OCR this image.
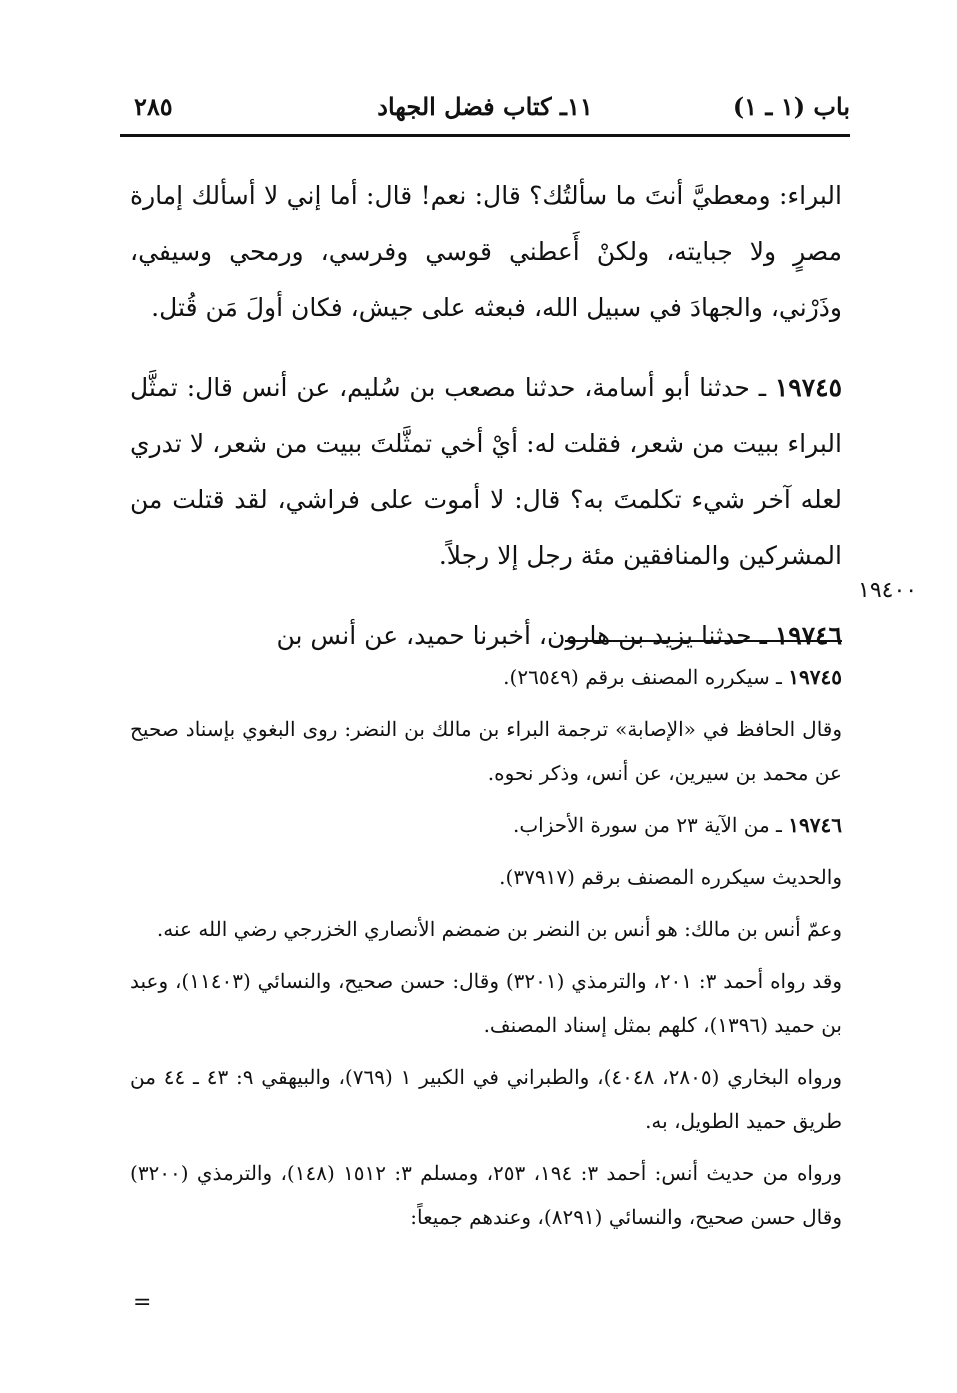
باب (١ ـ ١)
١١ـ كتاب فضل الجهاد
٢٨٥

البراء: ومعطيَّ أنتَ ما سألتُك؟ قال: نعم! قال: أما إني لا أسألك إمارة مصرٍ ولا جبايته، ولكنْ أَعطني قوسي وفرسي، ورمحي وسيفي، وذَرْني، والجهادَ في سبيل الله، فبعثه على جيش، فكان أولَ مَن قُتل.

١٩٧٤٥ ـ حدثنا أبو أسامة، حدثنا مصعب بن سُليم، عن أنس قال: تمثَّل البراء ببيت من شعر، فقلت له: أيْ أخي تمثَّلتَ ببيت من شعر، لا تدري لعله آخر شيء تكلمتَ به؟ قال: لا أموت على فراشي، لقد قتلت من المشركين والمنافقين مئة رجل إلا رجلاً.

١٩٧٤٦ ـ حدثنا يزيد بن هارون، أخبرنا حميد، عن أنس بن

١٩٤٠٠

١٩٧٤٥ ـ سيكرره المصنف برقم (٢٦٥٤٩).

وقال الحافظ في «الإصابة» ترجمة البراء بن مالك بن النضر: روى البغوي بإسناد صحيح عن محمد بن سيرين، عن أنس، وذكر نحوه.

١٩٧٤٦ ـ من الآية ٢٣ من سورة الأحزاب.

والحديث سيكرره المصنف برقم (٣٧٩١٧).

وعمّ أنس بن مالك: هو أنس بن النضر بن ضمضم الأنصاري الخزرجي رضي الله عنه.

وقد رواه أحمد ٣: ٢٠١، والترمذي (٣٢٠١) وقال: حسن صحيح، والنسائي (١١٤٠٣)، وعبد بن حميد (١٣٩٦)، كلهم بمثل إسناد المصنف.

ورواه البخاري (٢٨٠٥، ٤٠٤٨)، والطبراني في الكبير ١ (٧٦٩)، والبيهقي ٩: ٤٣ ـ ٤٤ من طريق حميد الطويل، به.

ورواه من حديث أنس: أحمد ٣: ١٩٤، ٢٥٣، ومسلم ٣: ١٥١٢ (١٤٨)، والترمذي (٣٢٠٠) وقال حسن صحيح، والنسائي (٨٢٩١)، وعندهم جميعاً:

=
